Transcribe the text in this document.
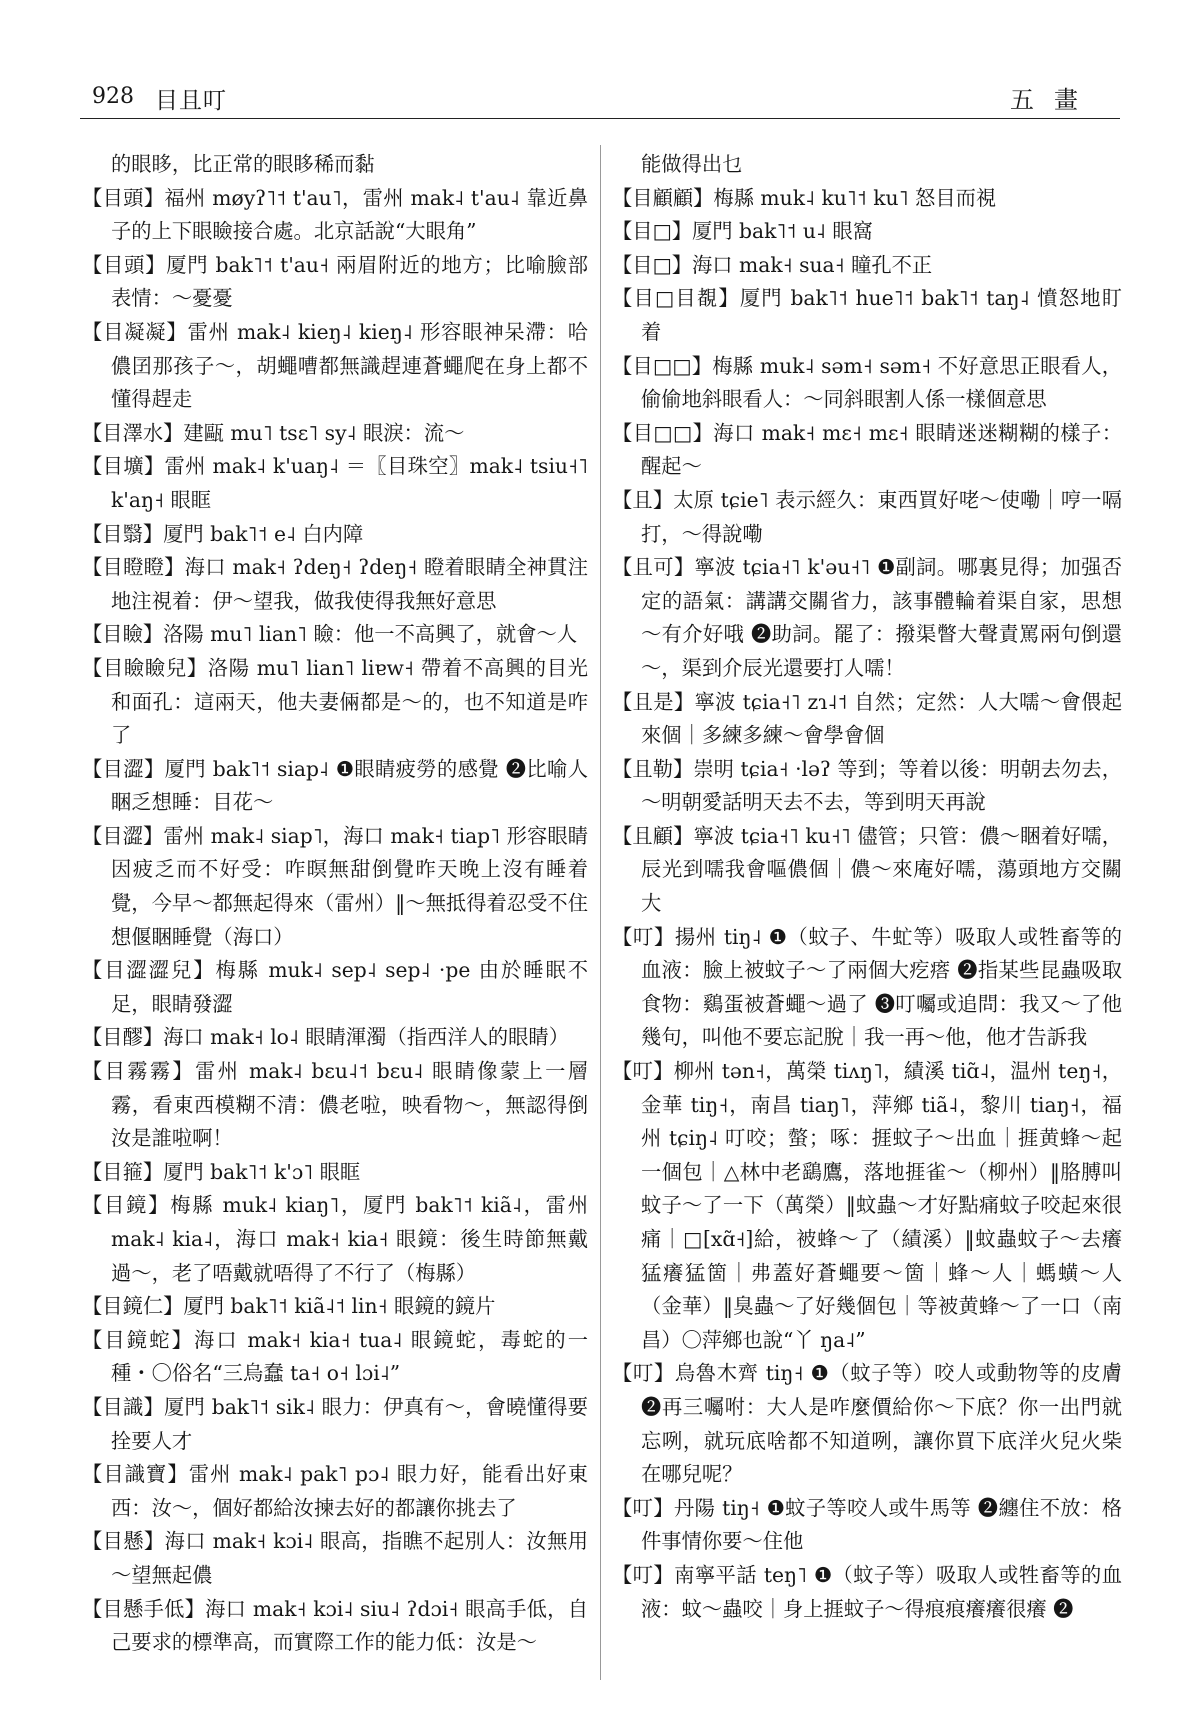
928 目且叮	五畫

的眼眵，比正常的眼眵稀而黏

【目頭】福州 møyʔ˥˦ t'au˥，雷州 mak˨ t'au˨ 靠近鼻子的上下眼瞼接合處。北京話說“大眼角”

【目頭】厦門 bak˥˦ t'au˧ 兩眉附近的地方；比喻臉部表情：～憂憂

【目凝凝】雷州 mak˨ kieŋ˨ kieŋ˨ 形容眼神呆滯：哈儂囝那孩子～，胡蠅嘈都無識趕連蒼蠅爬在身上都不懂得趕走

【目澤水】建甌 mu˥ tsɛ˥ sy˨ 眼淚：流～

【目壙】雷州 mak˨ k'uaŋ˨ ＝〖目珠空〗mak˨ tsiu˧˥ k'aŋ˧ 眼眶

【目翳】厦門 bak˥˦ e˨ 白内障

【目瞪瞪】海口 mak˧ ʔdeŋ˧ ʔdeŋ˧ 瞪着眼睛全神貫注地注視着：伊～望我，做我使得我無好意思

【目瞼】洛陽 mu˥ lian˥ 瞼：他一不高興了，就會～人

【目瞼瞼兒】洛陽 mu˥ lian˥ liɐw˧ 帶着不高興的目光和面孔：這兩天，他夫妻倆都是～的，也不知道是咋了

【目澀】厦門 bak˥˦ siap˨ ❶眼睛疲勞的感覺 ❷比喻人睏乏想睡：目花～

【目澀】雷州 mak˨ siap˥，海口 mak˧ tiap˥ 形容眼睛因疲乏而不好受：咋暝無甜倒覺昨天晚上沒有睡着覺，今早～都無起得來（雷州）‖～無抵得着忍受不住想偃睏睡覺（海口）

【目澀澀兒】梅縣 muk˨ sep˨ sep˨ ·pe 由於睡眠不足，眼睛發澀

【目醪】海口 mak˧ lo˨ 眼睛渾濁（指西洋人的眼睛）

【目霧霧】雷州 mak˨ bɛu˨˦ bɛu˨ 眼睛像蒙上一層霧，看東西模糊不清：儂老啦，映看物～，無認得倒汝是誰啦啊！

【目箍】厦門 bak˥˦ k'ɔ˥ 眼眶

【目鏡】梅縣 muk˨ kiaŋ˥，厦門 bak˥˦ kiã˨，雷州 mak˨ kia˨，海口 mak˧ kia˧ 眼鏡：後生時節無戴過～，老了唔戴就唔得了不行了（梅縣）

【目鏡仁】厦門 bak˥˦ kiã˨˦ lin˧ 眼鏡的鏡片

【目鏡蛇】海口 mak˧ kia˧ tua˨ 眼鏡蛇，毒蛇的一種・〇俗名“三烏蠢 ta˧ o˧ lɔi˨”

【目識】厦門 bak˥˦ sik˨ 眼力：伊真有～，會曉懂得要拴要人才

【目識寶】雷州 mak˨ pak˥ pɔ˨ 眼力好，能看出好東西：汝～，個好都給汝揀去好的都讓你挑去了

【目懸】海口 mak˧ kɔi˨ 眼高，指瞧不起別人：汝無用～望無起儂

【目懸手低】海口 mak˧ kɔi˨ siu˨ ʔdɔi˧ 眼高手低，自己要求的標準高，而實際工作的能力低：汝是～

能做得出乜

【目顧顧】梅縣 muk˨ ku˥˦ ku˥ 怒目而視

【目□】厦門 bak˥˦ u˨ 眼窩

【目□】海口 mak˧ sua˧ 瞳孔不正

【目□目覩】厦門 bak˥˦ hue˥˦ bak˥˦ taŋ˨ 憤怒地盯着

【目□□】梅縣 muk˨ səm˧ səm˧ 不好意思正眼看人，偷偷地斜眼看人：～同斜眼割人係一樣個意思

【目□□】海口 mak˧ mɛ˧ mɛ˧ 眼睛迷迷糊糊的樣子：醒起～

【且】太原 tɕie˥ 表示經久：東西買好咾～使嘞｜哼一嗝打，～得說嘞

【且可】寧波 tɕia˧˥ k'əu˧˥ ❶副詞。哪裏見得；加强否定的語氣：講講交關省力，該事體輪着渠自家，思想～有介好哦 ❷助詞。罷了：撥渠瞥大聲責罵兩句倒還～，渠到介辰光還要打人嚅！

【且是】寧波 tɕia˧˥ zɿ˨˦ 自然；定然：人大嚅～會偎起來個｜多練多練～會學會個

【且勒】崇明 tɕia˧ ·ləʔ 等到；等着以後：明朝去勿去，～明朝愛話明天去不去，等到明天再說

【且顧】寧波 tɕia˧˥ ku˧˥ 儘管；只管：儂～睏着好嚅，辰光到嚅我會嘔儂個｜儂～來庵好嚅，蕩頭地方交關大

【叮】揚州 tiŋ˨ ❶（蚊子、牛虻等）吸取人或牲畜等的血液：臉上被蚊子～了兩個大疙瘩 ❷指某些昆蟲吸取食物：鷄蛋被蒼蠅～過了 ❸叮囑或追問：我又～了他幾句，叫他不要忘記脫｜我一再～他，他才告訴我

【叮】柳州 tən˧，萬榮 tiʌŋ˥，績溪 tiɑ̃˨，温州 teŋ˧，金華 tiŋ˧，南昌 tiaŋ˥，萍鄉 tiã˨，黎川 tiaŋ˧，福州 tɕiŋ˨ 叮咬；螫；啄：捱蚊子～出血｜捱黄蜂～起一個包｜△林中老鷂鷹，落地捱雀～（柳州）‖胳膊叫蚊子～了一下（萬榮）‖蚊蟲～才好點痛蚊子咬起來很痛｜□[xɑ̃˧]給，被蜂～了（績溪）‖蚊蟲蚊子～去癢猛癢猛箇｜弗蓋好蒼蠅要～箇｜蜂～人｜螞蟥～人（金華）‖臭蟲～了好幾個包｜等被黄蜂～了一口（南昌）〇萍鄉也說“丫 ŋa˨”

【叮】烏魯木齊 tiŋ˧ ❶（蚊子等）咬人或動物等的皮膚 ❷再三囑咐：大人是咋麼價給你～下底？你一出門就忘咧，就玩底啥都不知道咧，讓你買下底洋火兒火柴在哪兒呢？

【叮】丹陽 tiŋ˧ ❶蚊子等咬人或牛馬等 ❷纏住不放：格件事情你要～住他

【叮】南寧平話 teŋ˥ ❶（蚊子等）吸取人或牲畜等的血液：蚊～蟲咬｜身上捱蚊子～得痕痕癢癢很癢 ❷
